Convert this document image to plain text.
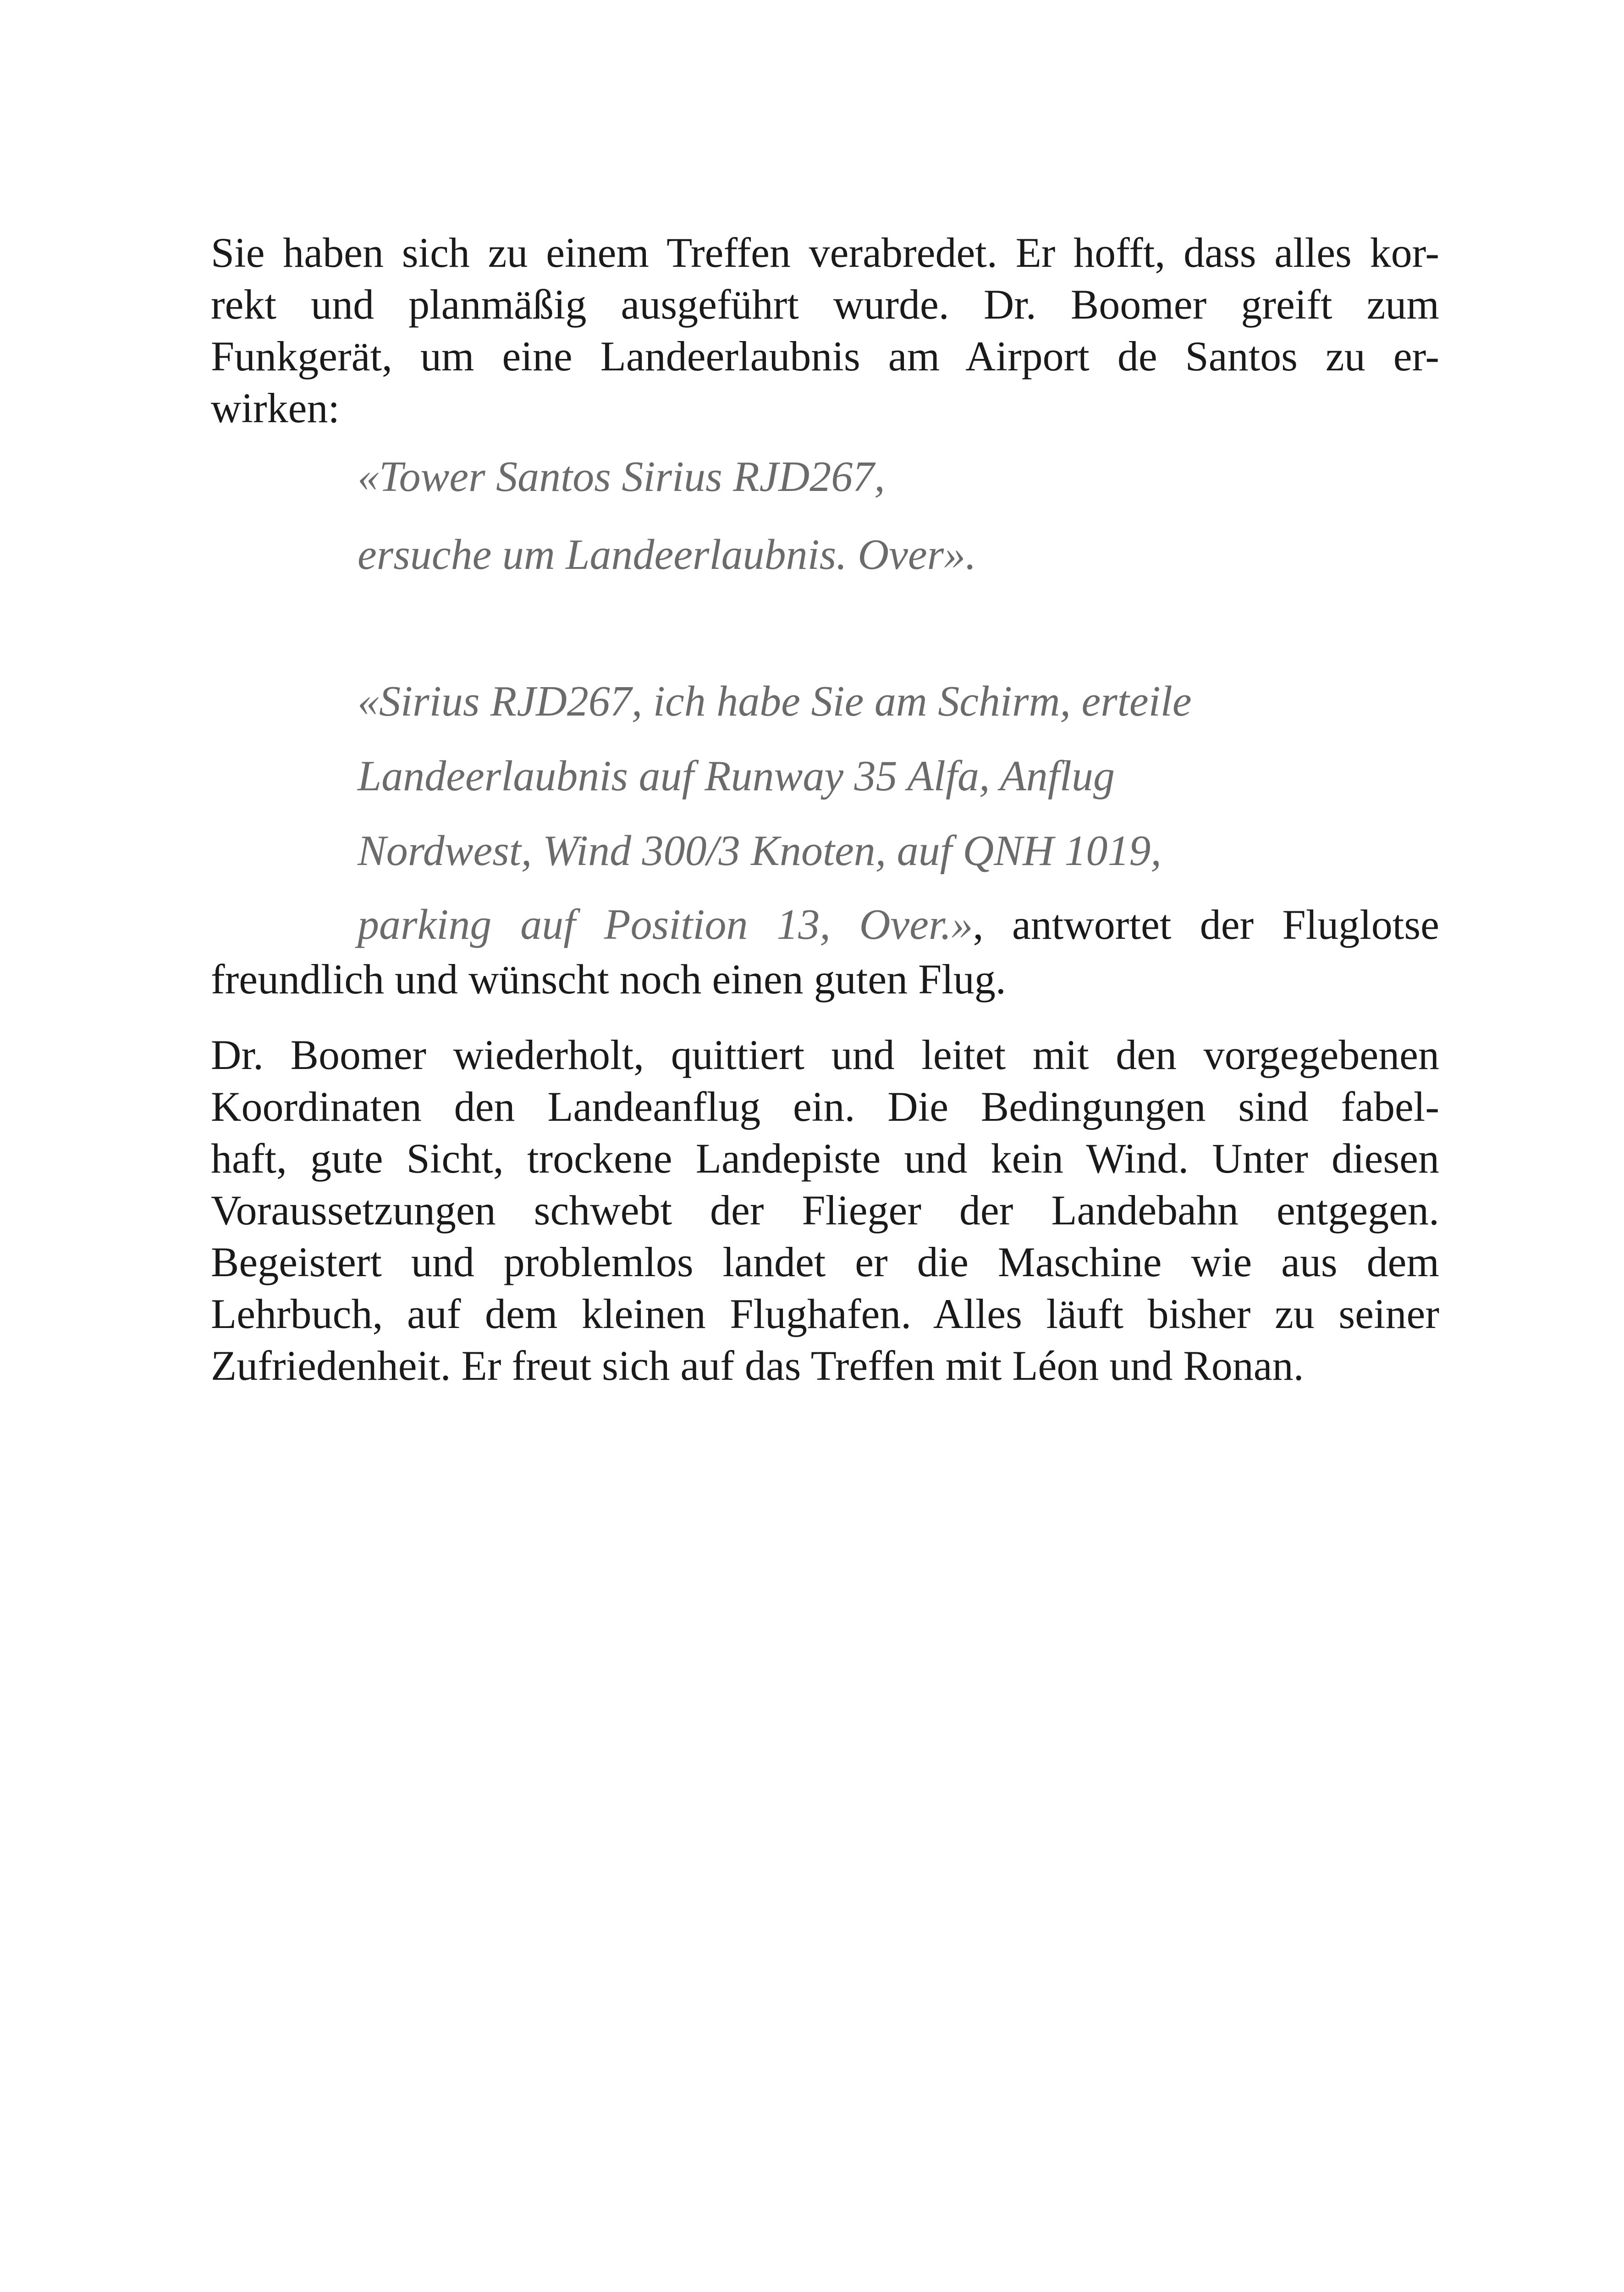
Sie haben sich zu einem Treffen verabredet. Er hofft, dass alles kor-
rekt und planmäßig ausgeführt wurde. Dr. Boomer greift zum
Funkgerät, um eine Landeerlaubnis am Airport de Santos zu er-
wirken:

«Tower Santos Sirius RJD267,

ersuche um Landeerlaubnis. Over».

«Sirius RJD267, ich habe Sie am Schirm, erteile

Landeerlaubnis auf Runway 35 Alfa, Anflug

Nordwest, Wind 300/3 Knoten, auf QNH 1019,

parking auf Position 13, Over.», antwortet der Fluglotse

freundlich und wünscht noch einen guten Flug.
Dr. Boomer wiederholt, quittiert und leitet mit den vorgegebenen
Koordinaten den Landeanflug ein. Die Bedingungen sind fabel-
haft, gute Sicht, trockene Landepiste und kein Wind. Unter diesen
Voraussetzungen schwebt der Flieger der Landebahn entgegen.
Begeistert und problemlos landet er die Maschine wie aus dem
Lehrbuch, auf dem kleinen Flughafen. Alles läuft bisher zu seiner
Zufriedenheit. Er freut sich auf das Treffen mit Léon und Ronan.
